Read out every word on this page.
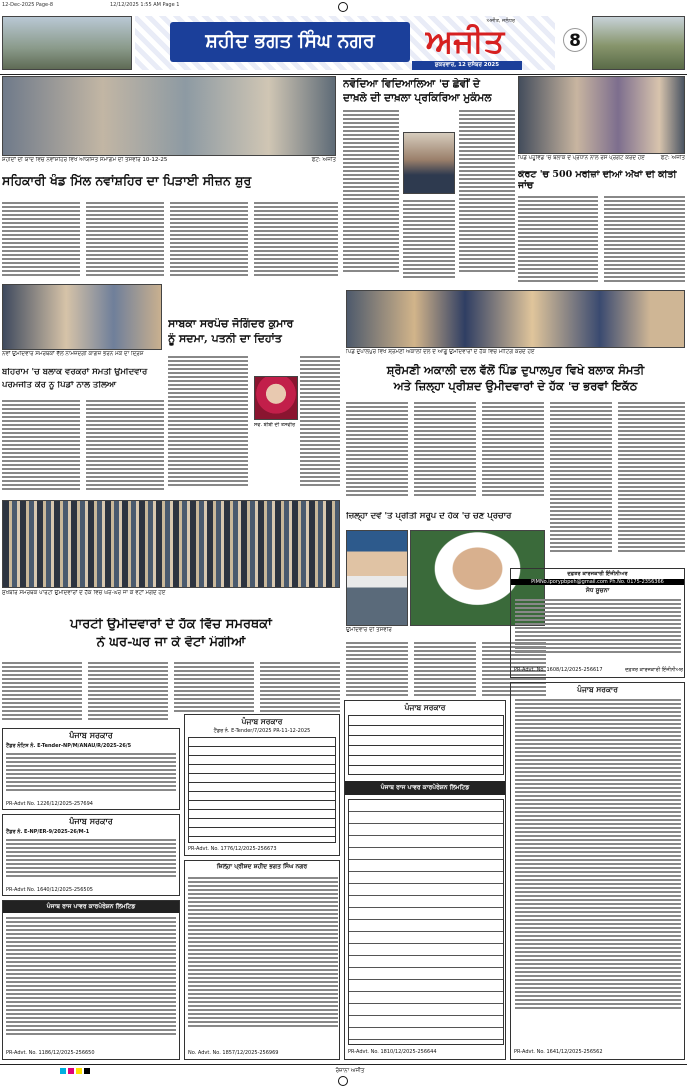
12-Dec-2025 Page-8	12/12/2025 1:55 AM Page 1
ਸ਼ਹੀਦ ਭਗਤ ਸਿੰਘ ਨਗਰ	ਅਜੀਤ
ਅਜੀਤ, ਜਲੰਧਰ
ਸ਼ੁਕਰਵਾਰ, 12 ਦਸੰਬਰ 2025
8
ਸ਼ਹੀਦਾਂ ਦੀ ਯਾਦ ਵਿਚ ਨਵਾਂਸ਼ਹਿਰ ਵਿਖੇ ਆਯੋਜਿਤ ਸਮਾਗਮ ਦੀ ਤਸਵੀਰ 10-12-25	ਫੋਟੋ: ਅਜੀਤ
ਨਵੋਦਿਆ ਵਿਦਿਆਲਿਆ 'ਚ ਛੇਵੀਂ ਦੇ
ਦਾਖ਼ਲੇ ਦੀ ਦਾਖ਼ਲਾ ਪ੍ਰਕਿਰਿਆ ਮੁਕੰਮਲ
ਪਿੰਡ ਪਹੂਵਿੰਡ 'ਚ ਬਲਾਕ ਦੇ ਪ੍ਰਧਾਨ ਨਾਲ ਰੋਸ ਪ੍ਰਗਟ ਕਰਦੇ ਹੋਏ	ਫੋਟੋ: ਅਜੀਤ
ਸਹਿਕਾਰੀ ਖੰਡ ਮਿੱਲ ਨਵਾਂਸ਼ਹਿਰ ਦਾ ਪਿੜਾਈ ਸੀਜ਼ਨ ਸ਼ੁਰੂ	ਕੋਰਟ 'ਚ 500 ਮਰੀਜ਼ਾਂ ਦੀਆਂ ਅੱਖਾਂ ਦੀ ਕੀਤੀ ਜਾਂਚ
ਨਵਾਂ ਉਮੀਦਵਾਰ ਸਮਰਥਕਾਂ ਵੱਲੋਂ ਨਾਮਜ਼ਦਗੀ ਕਾਗਜ਼ ਭਰਨ ਮੌਕੇ ਦਾ ਦ੍ਰਿਸ਼
ਸਾਬਕਾ ਸਰਪੰਚ ਜੋਗਿੰਦਰ ਕੁਮਾਰ
ਨੂੰ ਸਦਮਾ, ਪਤਨੀ ਦਾ ਦਿਹਾਂਤ
ਸਵ. ਬੀਬੀ ਦੀ ਤਸਵੀਰ
ਬਹਿਰਾਮ 'ਚ ਬਲਾਕ ਵਰਕਰਾਂ ਸੰਮਤੀ ਉਮੀਦਵਾਰ
ਪਰਮਜੀਤ ਕੌਰ ਨੂੰ ਪਿੰਡਾਂ ਨਾਲ ਤੋਲਿਆ
ਪਿੰਡ ਦੁਪਾਲਪੁਰ ਵਿਖੇ ਸ਼੍ਰੋਮਣੀ ਅਕਾਲੀ ਦਲ ਦੇ ਆਗੂ ਉਮੀਦਵਾਰਾਂ ਦੇ ਹੱਕ ਵਿਚ ਮੀਟਿੰਗ ਕਰਦੇ ਹੋਏ
ਸ਼੍ਰੋਮਣੀ ਅਕਾਲੀ ਦਲ ਵੱਲੋਂ ਪਿੰਡ ਦੁਪਾਲਪੁਰ ਵਿਖੇ ਬਲਾਕ ਸੰਮਤੀ
ਅਤੇ ਜ਼ਿਲ੍ਹਾ ਪ੍ਰੀਸ਼ਦ ਉਮੀਦਵਾਰਾਂ ਦੇ ਹੱਕ 'ਚ ਭਰਵਾਂ ਇਕੱਠ
ਜ਼ਿਲ੍ਹਾ ਦਵੇਂ 'ਤੇ ਪ੍ਰੀਤੀ ਸਰੂਪ ਦੇ ਹੱਕ 'ਚ ਚੋਣ ਪ੍ਰਚਾਰ
ਉਮੀਦਵਾਰ ਦੀ ਤਸਵੀਰ
ਸੁਖਬੀਰ ਸਮਰਥਕ ਪਾਰਟੀ ਉਮੀਦਵਾਰਾਂ ਦੇ ਹੱਕ ਵਿਚ ਘਰ-ਘਰ ਜਾ ਕੇ ਵੋਟਾਂ ਮੰਗਦੇ ਹੋਏ
ਪਾਰਟੀ ਉਮੀਦਵਾਰਾਂ ਦੇ ਹੱਕ ਵਿੱਚ ਸਮਰਥਕਾਂ
ਨੇ ਘਰ-ਘਰ ਜਾ ਕੇ ਵੋਟਾਂ ਮੰਗੀਆਂ
ਦਫ਼ਤਰ ਕਾਰਜਕਾਰੀ ਇੰਜੀਨੀਅਰ
PIMNo.iporypbpeh@gmail.com Ph.No. 0175-2356366
ਸੋਧ ਸੂਚਨਾ
PR-Advt. No. 1608/12/2025-256617	ਦਫ਼ਤਰ ਕਾਰਜਕਾਰੀ ਇੰਜੀਨੀਅਰ
ਪੰਜਾਬ ਸਰਕਾਰ
ਟੈਂਡਰ ਨੋਟਿਸ ਨੰ. E-Tender-NP/M/ANAU/R/2025-26/5
PR-Advt No. 1226/12/2025-257694
ਪੰਜਾਬ ਸਰਕਾਰ
ਟੈਂਡਰ ਨੰ. E-NP/ER-9/2025-26/M-1
PR-Advt No. 1640/12/2025-256505
ਪੰਜਾਬ ਰਾਜ ਪਾਵਰ ਕਾਰਪੋਰੇਸ਼ਨ ਲਿਮਟਿਡ
PR-Advt. No. 1186/12/2025-256650
ਪੰਜਾਬ ਸਰਕਾਰ
ਟੈਂਡਰ ਨੰ. E-Tender/7/2025 PR-11-12-2025
PR-Advt. No. 1776/12/2025-256673
ਜ਼ਿਲ੍ਹਾ ਪ੍ਰੀਸ਼ਦ ਸ਼ਹੀਦ ਭਗਤ ਸਿੰਘ ਨਗਰ
No. Advt. No. 1857/12/2025-256969
ਪੰਜਾਬ ਸਰਕਾਰ
ਪੰਜਾਬ ਰਾਜ ਪਾਵਰ ਕਾਰਪੋਰੇਸ਼ਨ ਲਿਮਟਿਡ
PR-Advt. No. 1810/12/2025-256644
ਪੰਜਾਬ ਸਰਕਾਰ
PR-Advt. No. 1641/12/2025-256562
ਰੋਜ਼ਾਨਾ ਅਜੀਤ
